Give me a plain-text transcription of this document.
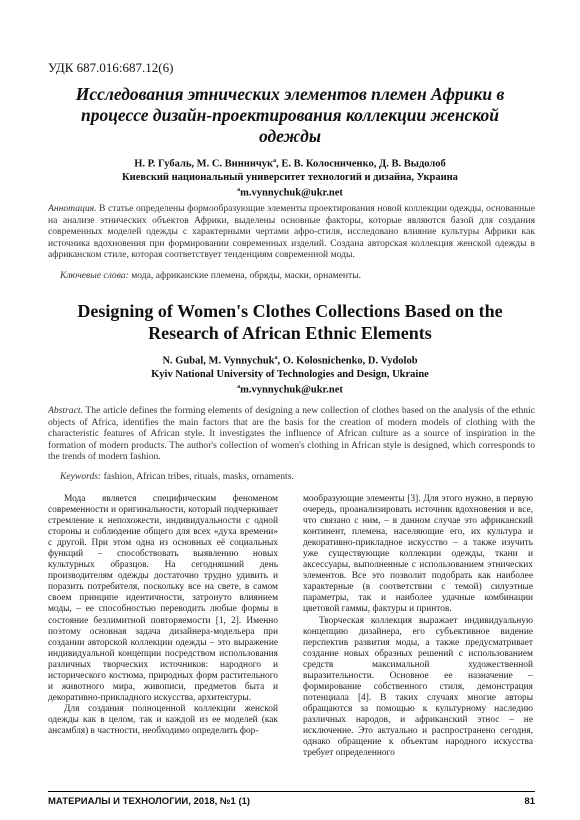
УДК 687.016:687.12(6)
Исследования этнических элементов племен Африки в процессе дизайн-проектирования коллекции женской одежды
Н. Р. Губаль, М. С. Винничук$^а$, Е. В. Колосниченко, Д. В. Выдолоб
Киевский национальный университет технологий и дизайна, Украина
$^а$m.vynnychuk@ukr.net
Аннотация. В статье определены формообразующие элементы проектирования новой коллекции одежды, основанные на анализе этнических объектов Африки, выделены основные факторы, которые являются базой для создания современных моделей одежды с характерными чертами афро-стиля, исследовано влияние культуры Африки как источника вдохновения при формировании современных изделий. Создана авторская коллекция женской одежды в африканском стиле, которая соответствует тенденциям современной моды.
Ключевые слова: мода, африканские племена, обряды, маски, орнаменты.
Designing of Women's Clothes Collections Based on the Research of African Ethnic Elements
N. Gubal, M. Vynnychuk$^a$, O. Kolosnichenko, D. Vydolob
Kyiv National University of Technologies and Design, Ukraine
$^a$m.vynnychuk@ukr.net
Abstract. The article defines the forming elements of designing a new collection of clothes based on the analysis of the ethnic objects of Africa, identifies the main factors that are the basis for the creation of modern models of clothing with the characteristic features of African style. It investigates the influence of African culture as a source of inspiration in the formation of modern products. The author's collection of women's clothing in African style is designed, which corresponds to the trends of modern fashion.
Keywords: fashion, African tribes, rituals, masks, ornaments.

Мода является специфическим феноменом современности и оригинальности, который подчеркивает стремление к непохожести, индивидуальности с одной стороны и соблюдение общего для всех «духа времени» с другой. При этом одна из основных её социальных функций – способствовать выявлению новых культурных образцов. На сегодняшний день производителям одежды достаточно трудно удивить и поразить потребителя, поскольку все на свете, в самом своем принципе идентичности, затронуто влиянием моды, – ее способностью переводить любые формы в состояние безлимитной повторяемости [1, 2]. Именно поэтому основная задача дизайнера-модельера при создании авторской коллекции одежды – это выражение индивидуальной концепции посредством использования различных творческих источников: народного и исторического костюма, природных форм растительного и животного мира, живописи, предметов быта и декоративно-прикладного искусства, архитектуры.

Для создания полноценной коллекции женской одежды как в целом, так и каждой из ее моделей (как ансамбля) в частности, необходимо определить фор-

мообразующие элементы [3]. Для этого нужно, в первую очередь, проанализировать источник вдохновения и все, что связано с ним, – в данном случае это африканский континент, племена, населяющие его, их культура и декоративно-прикладное искусство – а также изучить уже существующие коллекции одежды, ткани и аксессуары, выполненные с использованием этнических элементов. Все это позволит подобрать как наиболее характерные (в соответствии с темой) силуэтные параметры, так и наиболее удачные комбинации цветовой гаммы, фактуры и принтов.

Творческая коллекция выражает индивидуальную концепцию дизайнера, его субъективное видение перспектив развития моды, а также предусматривает создание новых образных решений с использованием средств максимальной художественной выразительности. Основное ее назначение – формирование собственного стиля, демонстрация потенциала [4]. В таких случаях многие авторы обращаются за помощью к культурному наследию различных народов, и африканский этнос – не исключение. Это актуально и распространено сегодня, однако обращение к объектам народного искусства требует определенного

МАТЕРИАЛЫ И ТЕХНОЛОГИИ, 2018, №1 (1)	81
